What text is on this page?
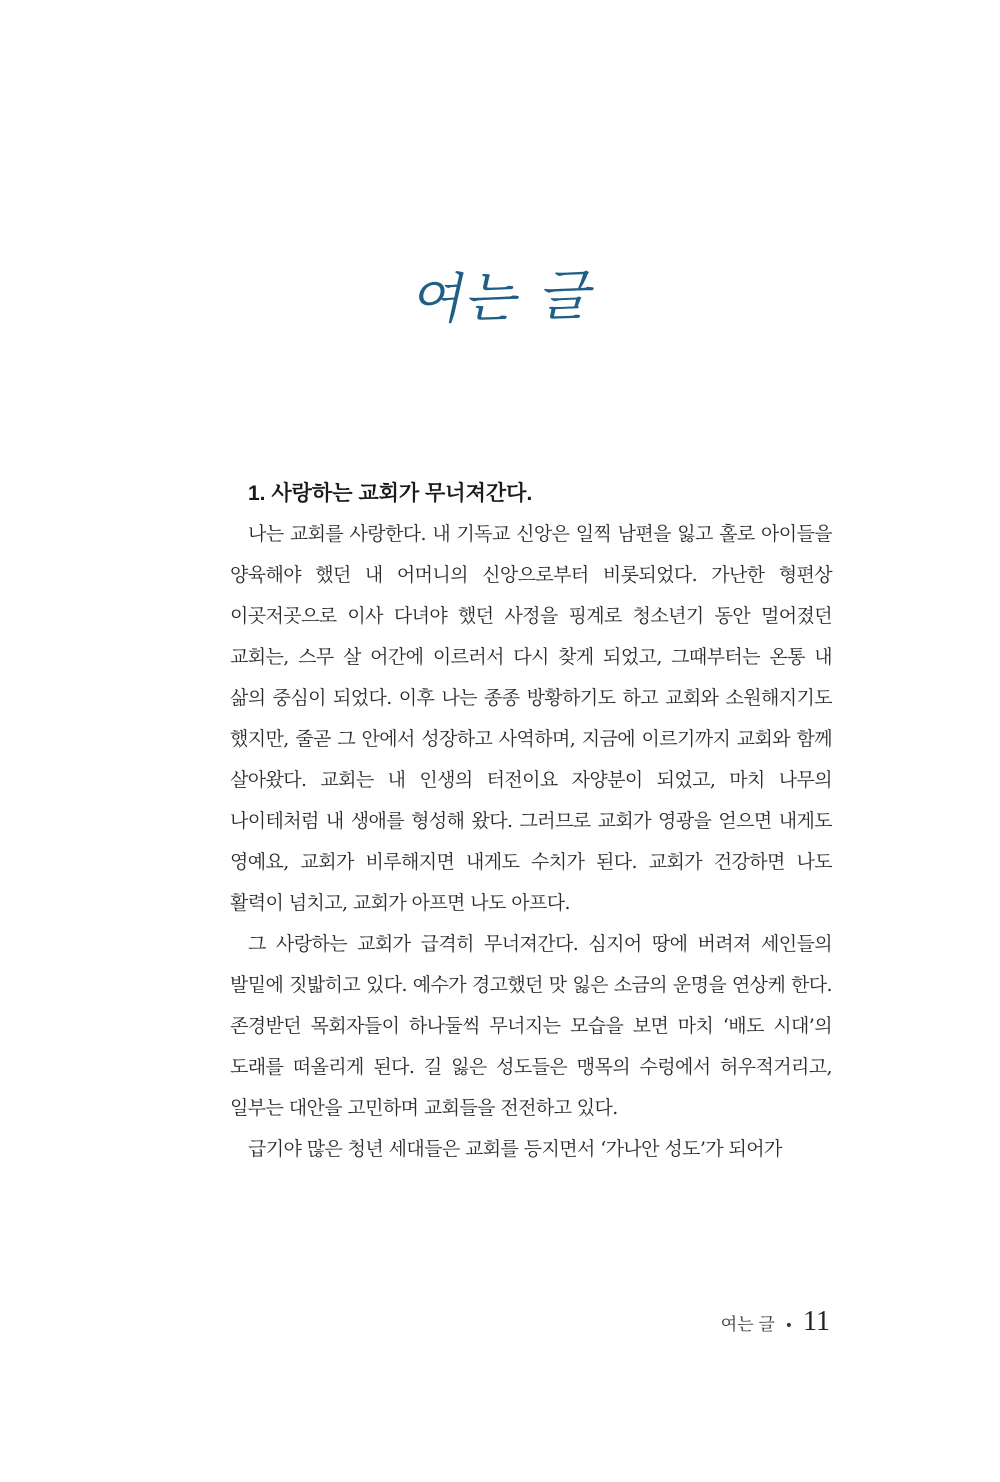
여는 글
1. 사랑하는 교회가 무너져간다.

나는 교회를 사랑한다. 내 기독교 신앙은 일찍 남편을 잃고 홀로 아이들을 양육해야 했던 내 어머니의 신앙으로부터 비롯되었다. 가난한 형편상 이곳저곳으로 이사 다녀야 했던 사정을 핑계로 청소년기 동안 멀어졌던 교회는, 스무 살 어간에 이르러서 다시 찾게 되었고, 그때부터는 온통 내 삶의 중심이 되었다. 이후 나는 종종 방황하기도 하고 교회와 소원해지기도 했지만, 줄곧 그 안에서 성장하고 사역하며, 지금에 이르기까지 교회와 함께 살아왔다. 교회는 내 인생의 터전이요 자양분이 되었고, 마치 나무의 나이테처럼 내 생애를 형성해 왔다. 그러므로 교회가 영광을 얻으면 내게도 영예요, 교회가 비루해지면 내게도 수치가 된다. 교회가 건강하면 나도 활력이 넘치고, 교회가 아프면 나도 아프다.

그 사랑하는 교회가 급격히 무너져간다. 심지어 땅에 버려져 세인들의 발밑에 짓밟히고 있다. 예수가 경고했던 맛 잃은 소금의 운명을 연상케 한다. 존경받던 목회자들이 하나둘씩 무너지는 모습을 보면 마치 ‘배도 시대’의 도래를 떠올리게 된다. 길 잃은 성도들은 맹목의 수렁에서 허우적거리고, 일부는 대안을 고민하며 교회들을 전전하고 있다.

급기야 많은 청년 세대들은 교회를 등지면서 ‘가나안 성도’가 되어가

여는 글 • 11
